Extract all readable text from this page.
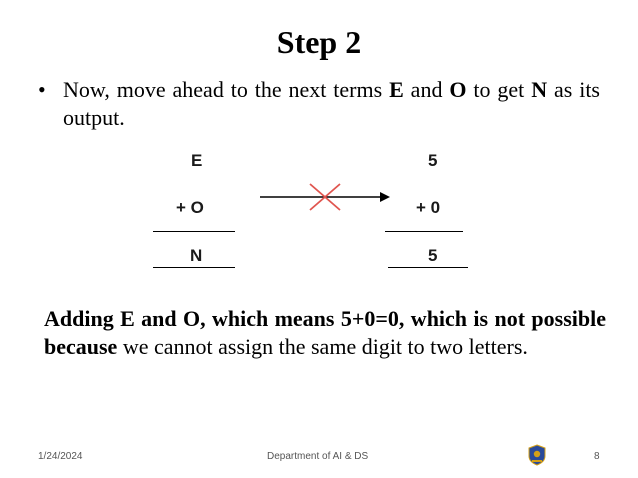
Step 2
• Now, move ahead to the next terms E and O to get N as its output.
E
+ O
N
5
+ 0
5
Adding E and O, which means 5+0=0, which is not possible because we cannot assign the same digit to two letters.
1/24/2024	Department of AI & DS	8
